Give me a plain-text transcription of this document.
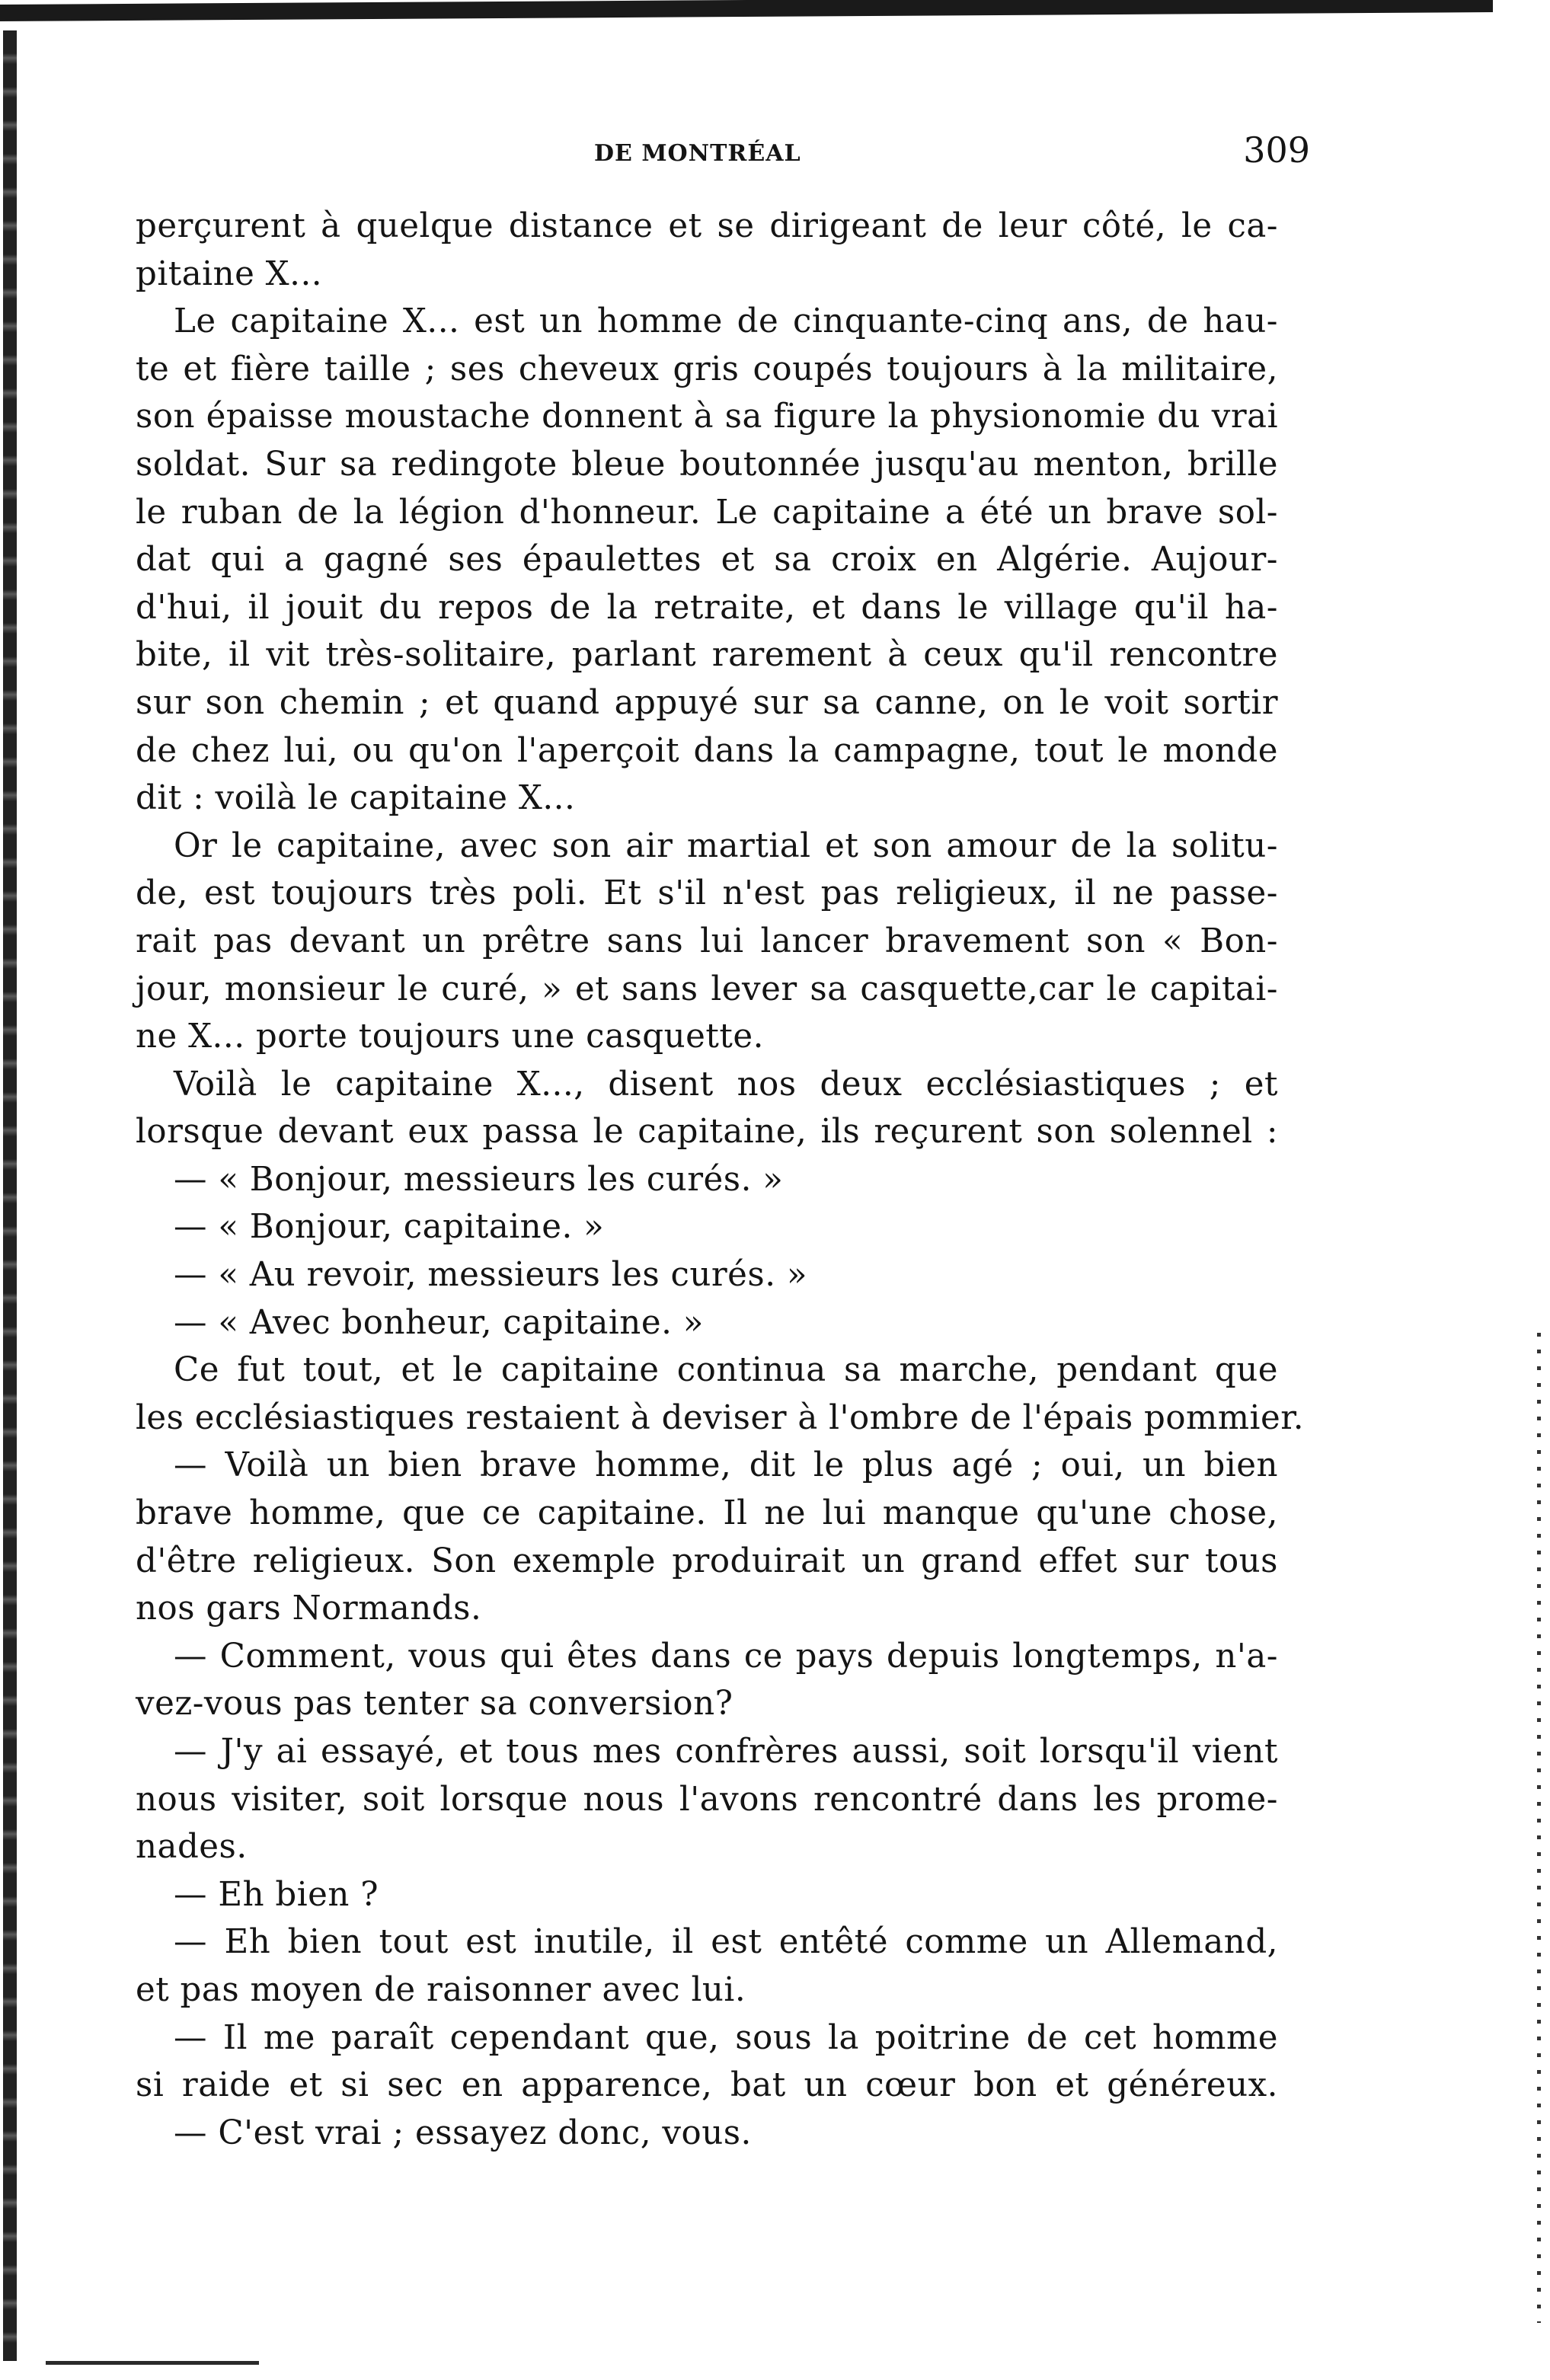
DE MONTRÉAL	309
perçurent à quelque distance et se dirigeant de leur côté, le ca-
pitaine X...
Le capitaine X... est un homme de cinquante-cinq ans, de hau-
te et fière taille ; ses cheveux gris coupés toujours à la militaire,
son épaisse moustache donnent à sa figure la physionomie du vrai
soldat. Sur sa redingote bleue boutonnée jusqu'au menton, brille
le ruban de la légion d'honneur. Le capitaine a été un brave sol-
dat qui a gagné ses épaulettes et sa croix en Algérie. Aujour-
d'hui, il jouit du repos de la retraite, et dans le village qu'il ha-
bite, il vit très-solitaire, parlant rarement à ceux qu'il rencontre
sur son chemin ; et quand appuyé sur sa canne, on le voit sortir
de chez lui, ou qu'on l'aperçoit dans la campagne, tout le monde
dit : voilà le capitaine X...
Or le capitaine, avec son air martial et son amour de la solitu-
de, est toujours très poli. Et s'il n'est pas religieux, il ne passe-
rait pas devant un prêtre sans lui lancer bravement son « Bon-
jour, monsieur le curé, » et sans lever sa casquette,car le capitai-
ne X... porte toujours une casquette.
Voilà le capitaine X..., disent nos deux ecclésiastiques ; et
lorsque devant eux passa le capitaine, ils reçurent son solennel :
— « Bonjour, messieurs les curés. »
— « Bonjour, capitaine. »
— « Au revoir, messieurs les curés. »
— « Avec bonheur, capitaine. »
Ce fut tout, et le capitaine continua sa marche, pendant que
les ecclésiastiques restaient à deviser à l'ombre de l'épais pommier.
— Voilà un bien brave homme, dit le plus agé ; oui, un bien
brave homme, que ce capitaine. Il ne lui manque qu'une chose,
d'être religieux. Son exemple produirait un grand effet sur tous
nos gars Normands.
— Comment, vous qui êtes dans ce pays depuis longtemps, n'a-
vez-vous pas tenter sa conversion?
— J'y ai essayé, et tous mes confrères aussi, soit lorsqu'il vient
nous visiter, soit lorsque nous l'avons rencontré dans les prome-
nades.
— Eh bien ?
— Eh bien tout est inutile, il est entêté comme un Allemand,
et pas moyen de raisonner avec lui.
— Il me paraît cependant que, sous la poitrine de cet homme
si raide et si sec en apparence, bat un cœur bon et généreux.
— C'est vrai ; essayez donc, vous.
